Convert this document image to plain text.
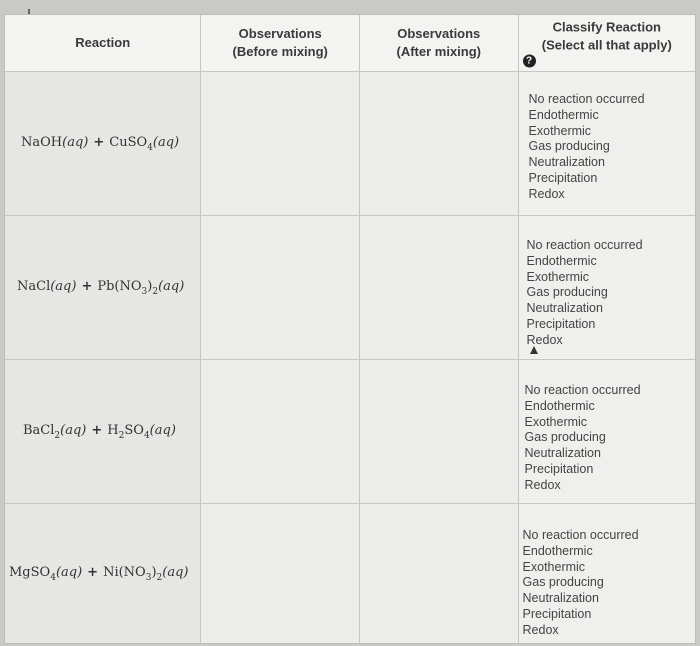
Reaction
Observations
(Before mixing)
Observations
(After mixing)
Classify Reaction
(Select all that apply)
?
NaOH(aq) + CuSO$_4$(aq)
No reaction occurred
Endothermic
Exothermic
Gas producing
Neutralization
Precipitation
Redox
NaCl(aq) + $Pb(NO_3)_2(aq)$
No reaction occurred
Endothermic
Exothermic
Gas producing
Neutralization
Precipitation
Redox
BaCl$_2$(aq) + $H_2SO_4(aq)$
No reaction occurred
Endothermic
Exothermic
Gas producing
Neutralization
Precipitation
Redox
MgSO$_4$(aq) + $Ni(NO_3)_2(aq)$
No reaction occurred
Endothermic
Exothermic
Gas producing
Neutralization
Precipitation
Redox
